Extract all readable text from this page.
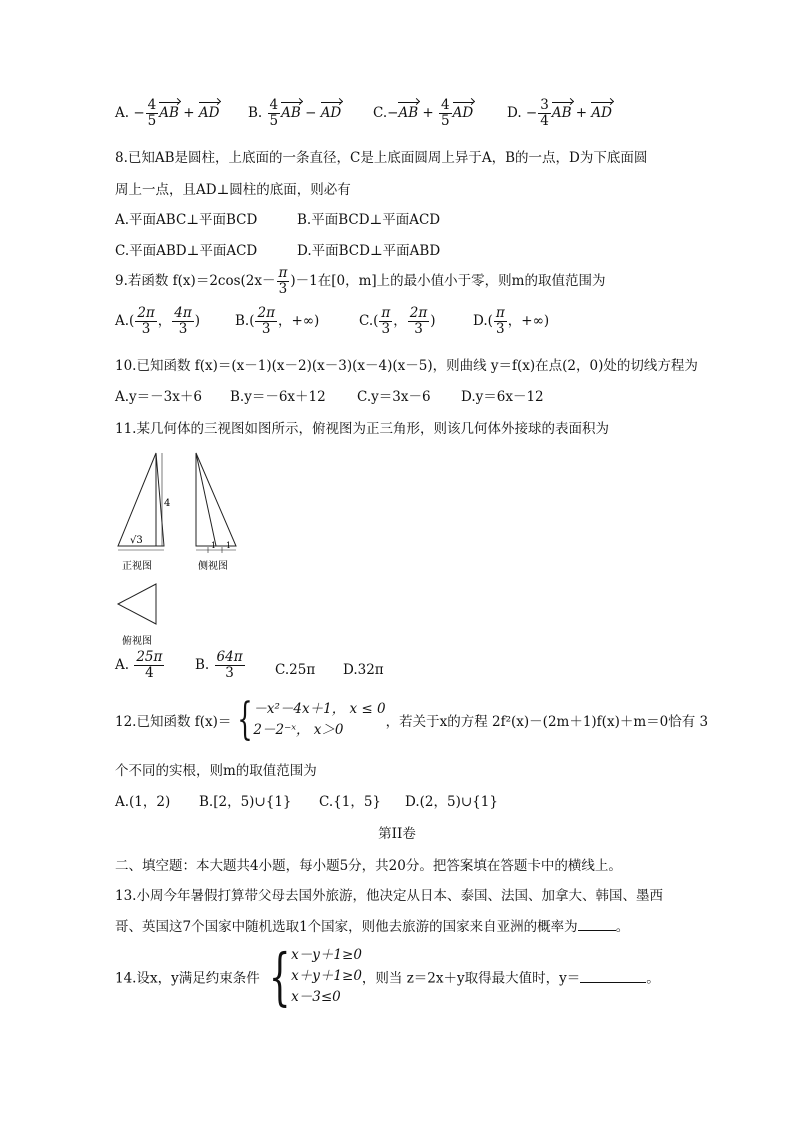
A. − $\frac{4}{5}$ AB + AD B. $\frac{4}{5}$ AB − AD $C.-AB + \frac{4}{5}$ AD	D. − $\frac{3}{4}$ AB + AD
8.已知AB是圆柱，上底面的一条直径，C是上底面圆周上异于A，B的一点，D为下底面圆
周上一点，且AD⊥圆柱的底面，则必有
A.平面ABC⊥平面BCD	B.平面BCD⊥平面ACD
C.平面ABD⊥平面ACD	D.平面BCD⊥平面ABD
9.若函数 $f(x)=2\cos(2x- \frac{\pi}{3} )-1$在[0，m]上的最小值小于零，则m的取值范围为
$A.( \frac{2\pi}{3}$ ， $\frac{4\pi}{3}$ )	$B.( \frac{2\pi}{3}$ ，+∞)	$C.( \frac{\pi}{3}$ ， $\frac{2\pi}{3}$ )	$D.( \frac{\pi}{3}$ ，+∞)
10.已知函数 f(x)＝(x－1)(x－2)(x－3)(x－4)(x－5)，则曲线 y＝f(x)在点(2，0)处的切线方程为
A.y＝－3x＋6 B.y＝－6x＋12 C.y＝3x－6 D.y＝6x－12
11.某几何体的三视图如图所示，俯视图为正三角形，则该几何体外接球的表面积为
4
√3	1 1
正视图	侧视图
俯视图
A. $\frac{25\pi}{4} B$. $\frac{64\pi}{3} C.25\pi$ D.32π
12.已知函数 f(x)＝ {－x²－4x＋1， x ≤ 0
2－2⁻ˣ， x＞0	，若关于x的方程 2f²(x)－(2m＋1)f(x)＋m＝0恰有 3
个不同的实根，则m的取值范围为
A.(1，2) B.[2，5)∪{1} C.{1，5} D.(2，5)∪{1}
第II卷
二、填空题：本大题共4小题，每小题5分，共20分。把答案填在答题卡中的横线上。
13.小周今年暑假打算带父母去国外旅游，他决定从日本、泰国、法国、加拿大、韩国、墨西
哥、英国这7个国家中随机选取1个国家，则他去旅游的国家来自亚洲的概率为	。
14.设x，y满足约束条件 {x－y＋1≥0
x＋y＋1≥0
x－3≤0，则当 z＝2x＋y取得最大值时，y＝	。
